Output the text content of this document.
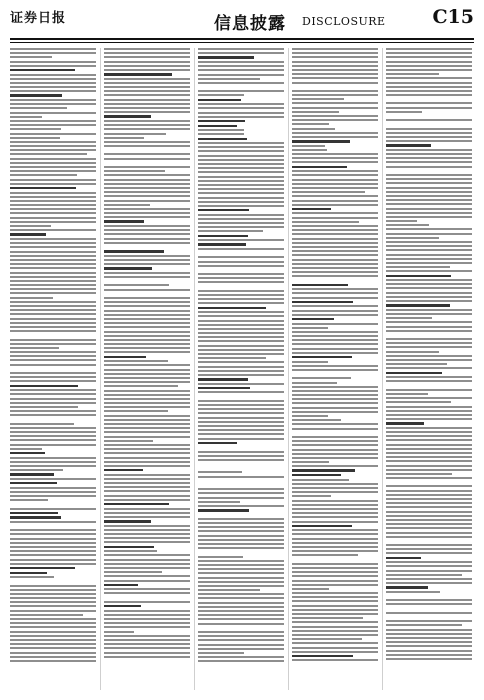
证券日报	信息披露 DISCLOSURE C15
